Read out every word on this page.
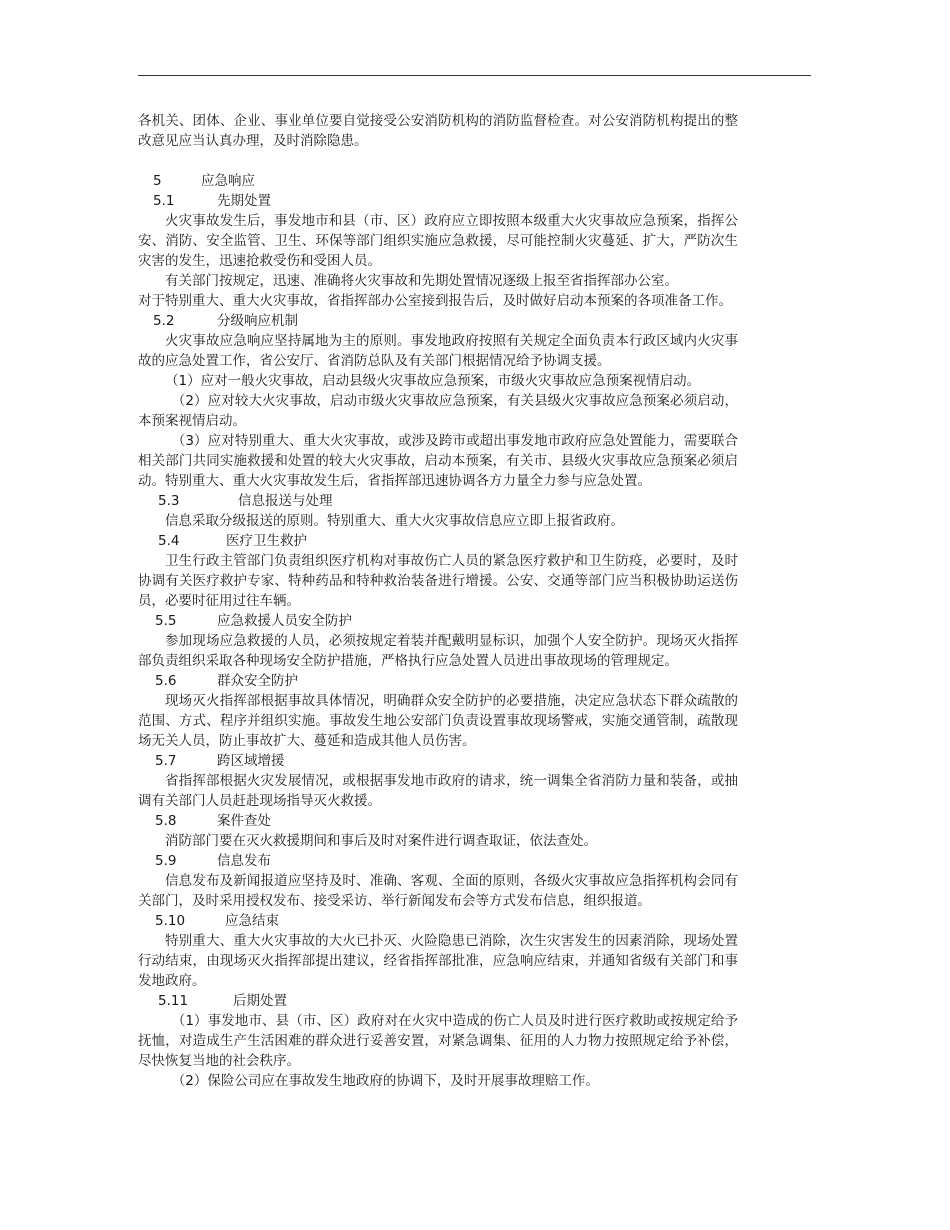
各机关、团体、企业、事业单位要自觉接受公安消防机构的消防监督检查。对公安消防机构提出的整改意见应当认真办理，及时消除隐患。

5	应急响应
5.1	先期处置

火灾事故发生后，事发地市和县（市、区）政府应立即按照本级重大火灾事故应急预案，指挥公安、消防、安全监管、卫生、环保等部门组织实施应急救援，尽可能控制火灾蔓延、扩大，严防次生灾害的发生，迅速抢救受伤和受困人员。

有关部门按规定，迅速、准确将火灾事故和先期处置情况逐级上报至省指挥部办公室。

对于特别重大、重大火灾事故，省指挥部办公室接到报告后，及时做好启动本预案的各项准备工作。

5.2	分级响应机制

火灾事故应急响应坚持属地为主的原则。事发地政府按照有关规定全面负责本行政区域内火灾事故的应急处置工作，省公安厅、省消防总队及有关部门根据情况给予协调支援。

（1）应对一般火灾事故，启动县级火灾事故应急预案，市级火灾事故应急预案视情启动。

（2）应对较大火灾事故，启动市级火灾事故应急预案，有关县级火灾事故应急预案必须启动，本预案视情启动。

（3）应对特别重大、重大火灾事故，或涉及跨市或超出事发地市政府应急处置能力，需要联合相关部门共同实施救援和处置的较大火灾事故，启动本预案，有关市、县级火灾事故应急预案必须启动。特别重大、重大火灾事故发生后，省指挥部迅速协调各方力量全力参与应急处置。

5.3	信息报送与处理

信息采取分级报送的原则。特别重大、重大火灾事故信息应立即上报省政府。

5.4	医疗卫生救护

卫生行政主管部门负责组织医疗机构对事故伤亡人员的紧急医疗救护和卫生防疫，必要时，及时协调有关医疗救护专家、特种药品和特种救治装备进行增援。公安、交通等部门应当积极协助运送伤员，必要时征用过往车辆。

5.5	应急救援人员安全防护

参加现场应急救援的人员，必须按规定着装并配戴明显标识，加强个人安全防护。现场灭火指挥部负责组织采取各种现场安全防护措施，严格执行应急处置人员进出事故现场的管理规定。

5.6	群众安全防护

现场灭火指挥部根据事故具体情况，明确群众安全防护的必要措施，决定应急状态下群众疏散的范围、方式、程序并组织实施。事故发生地公安部门负责设置事故现场警戒，实施交通管制，疏散现场无关人员，防止事故扩大、蔓延和造成其他人员伤害。

5.7	跨区域增援

省指挥部根据火灾发展情况，或根据事发地市政府的请求，统一调集全省消防力量和装备，或抽调有关部门人员赶赴现场指导灭火救援。

5.8	案件查处

消防部门要在灭火救援期间和事后及时对案件进行调查取证，依法查处。

5.9	信息发布

信息发布及新闻报道应坚持及时、准确、客观、全面的原则，各级火灾事故应急指挥机构会同有关部门，及时采用授权发布、接受采访、举行新闻发布会等方式发布信息，组织报道。

5.10	应急结束

特别重大、重大火灾事故的大火已扑灭、火险隐患已消除，次生灾害发生的因素消除，现场处置行动结束，由现场灭火指挥部提出建议，经省指挥部批准，应急响应结束，并通知省级有关部门和事发地政府。

5.11	后期处置

（1）事发地市、县（市、区）政府对在火灾中造成的伤亡人员及时进行医疗救助或按规定给予抚恤，对造成生产生活困难的群众进行妥善安置，对紧急调集、征用的人力物力按照规定给予补偿，尽快恢复当地的社会秩序。

（2）保险公司应在事故发生地政府的协调下，及时开展事故理赔工作。
